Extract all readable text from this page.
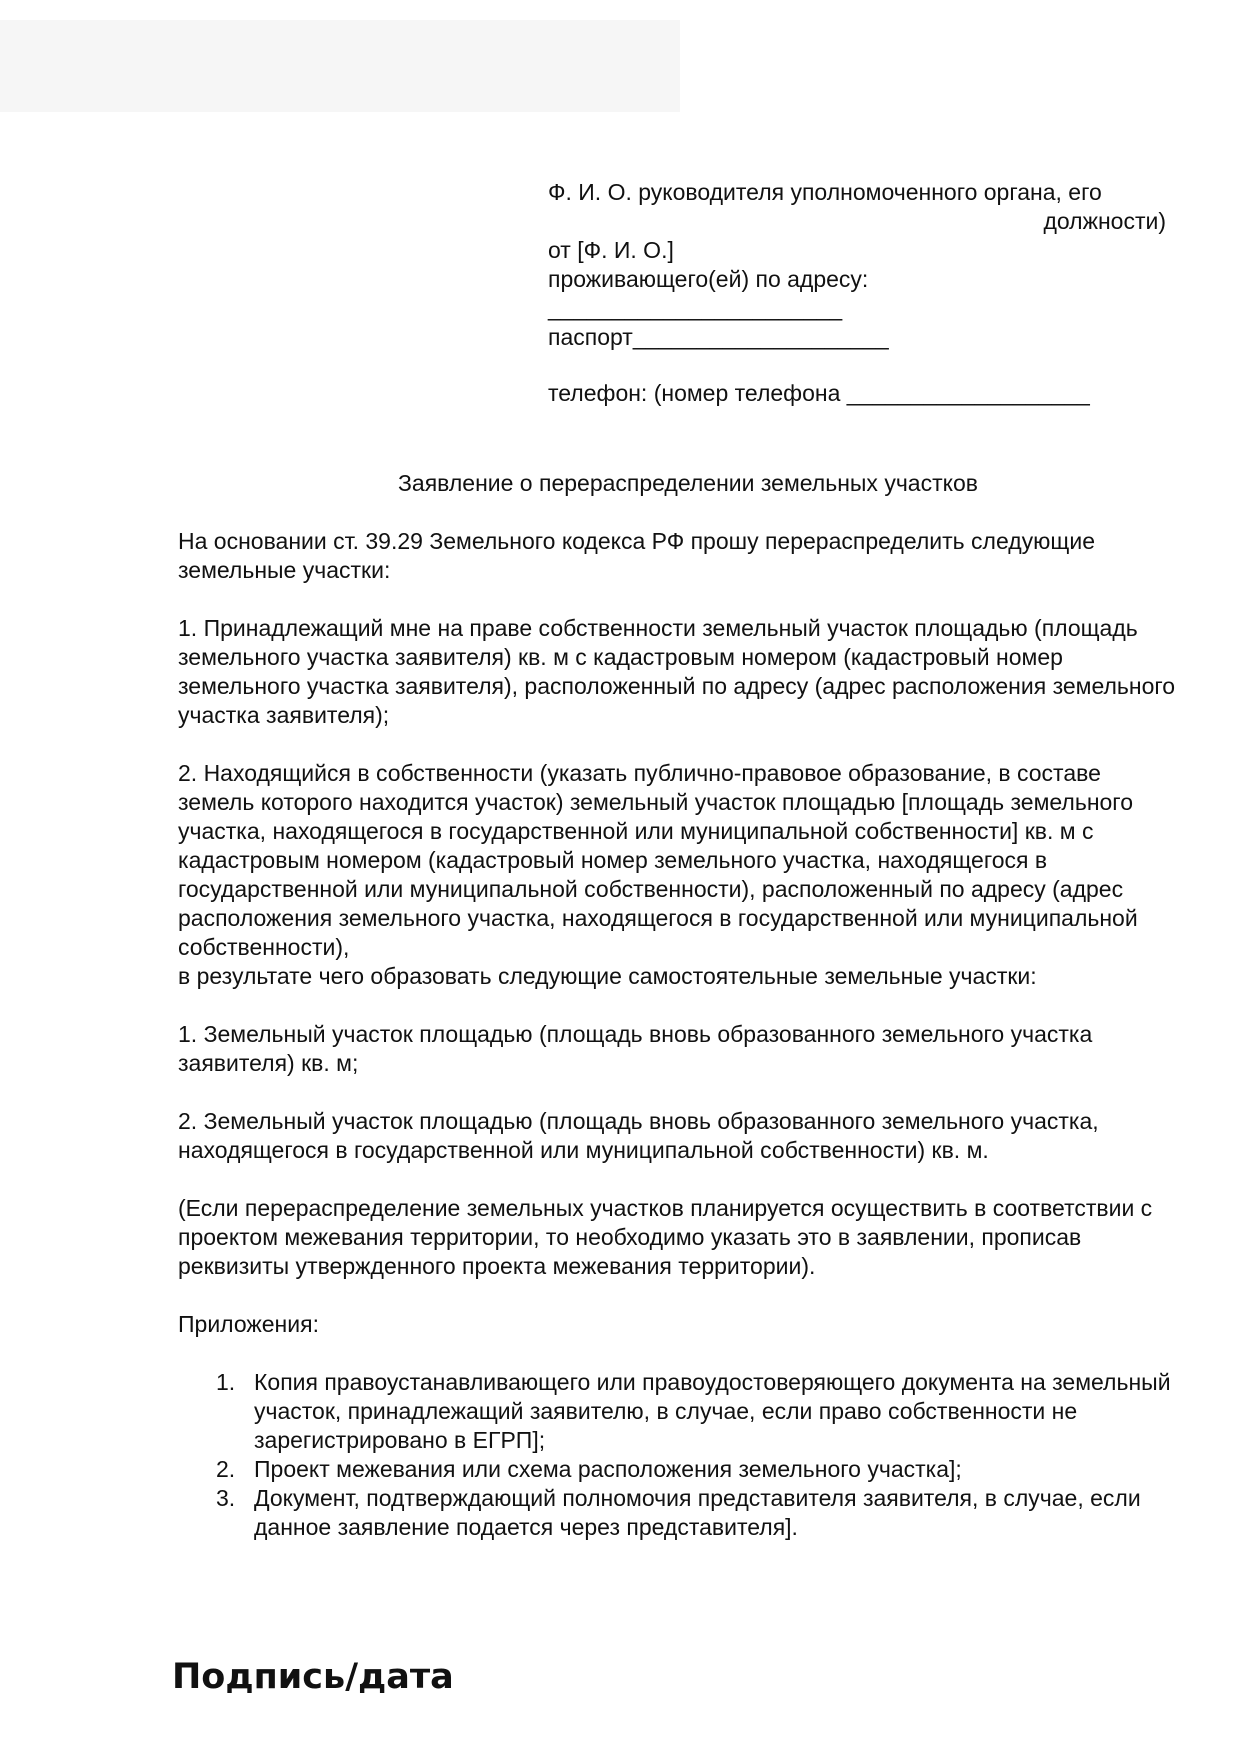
Ф. И. О. руководителя уполномоченного органа, его
должности)
от [Ф. И. О.]
проживающего(ей) по адресу:
_______________________
паспорт____________________
телефон: (номер телефона ___________________
Заявление о перераспределении земельных участков

На основании ст. 39.29 Земельного кодекса РФ прошу перераспределить следующие земельные участки:

1. Принадлежащий мне на праве собственности земельный участок площадью (площадь земельного участка заявителя) кв. м с кадастровым номером (кадастровый номер земельного участка заявителя), расположенный по адресу (адрес расположения земельного участка заявителя);

2. Находящийся в собственности (указать публично-правовое образование, в составе земель которого находится участок) земельный участок площадью [площадь земельного участка, находящегося в государственной или муниципальной собственности] кв. м с кадастровым номером (кадастровый номер земельного участка, находящегося в государственной или муниципальной собственности), расположенный по адресу (адрес расположения земельного участка, находящегося в государственной или муниципальной собственности),
в результате чего образовать следующие самостоятельные земельные участки:

1. Земельный участок площадью (площадь вновь образованного земельного участка заявителя) кв. м;

2. Земельный участок площадью (площадь вновь образованного земельного участка, находящегося в государственной или муниципальной собственности) кв. м.

(Если перераспределение земельных участков планируется осуществить в соответствии с проектом межевания территории, то необходимо указать это в заявлении, прописав реквизиты утвержденного проекта межевания территории).

Приложения:
1. Копия правоустанавливающего или правоудостоверяющего документа на земельный участок, принадлежащий заявителю, в случае, если право собственности не зарегистрировано в ЕГРП];
2. Проект межевания или схема расположения земельного участка];
3. Документ, подтверждающий полномочия представителя заявителя, в случае, если данное заявление подается через представителя].
Подпись/дата
